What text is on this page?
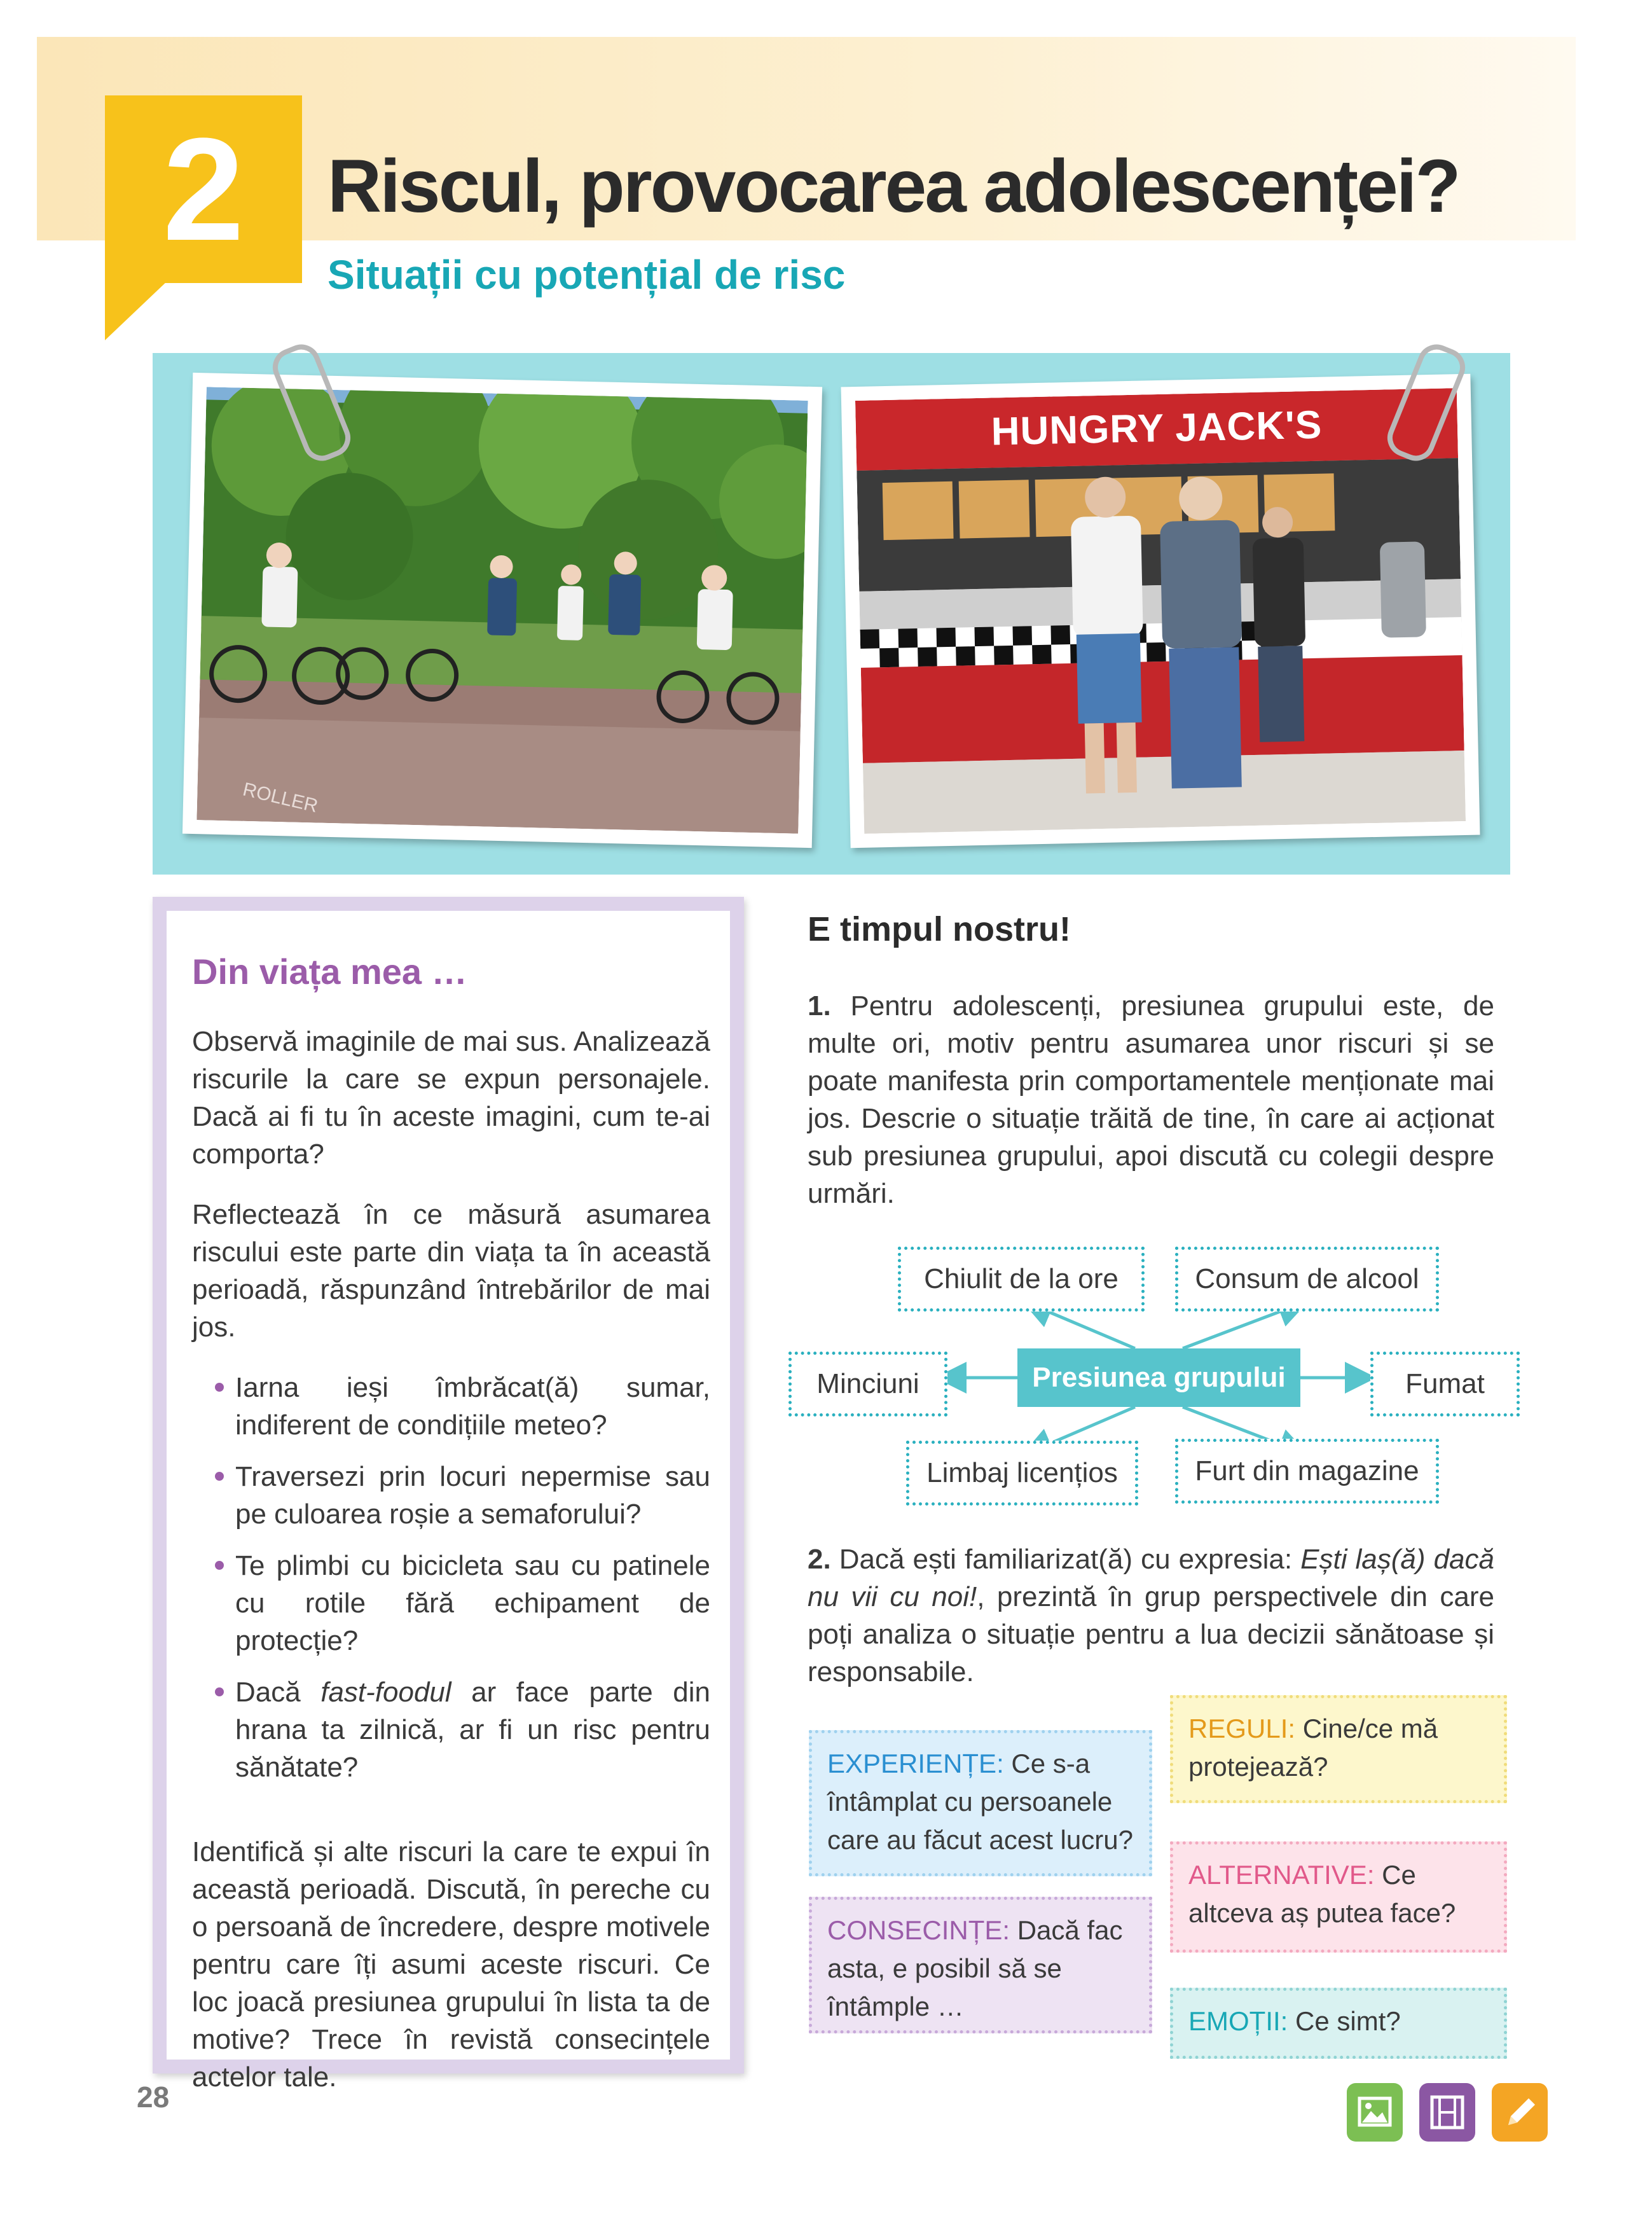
2	Riscul, provocarea adolescenței?
Situații cu potențial de risc
ROLLER
HUNGRY JACK'S
Din viața mea …

Observă imaginile de mai sus. Analizează riscurile la care se expun personajele. Dacă ai fi tu în aceste imagini, cum te-ai comporta?

Reflectează în ce măsură asumarea riscului este parte din viața ta în această perioadă, răspunzând întrebărilor de mai jos.

Iarna ieși îmbrăcat(ă) sumar, indiferent de condițiile meteo?
Traversezi prin locuri nepermise sau pe culoarea roșie a semaforului?
Te plimbi cu bicicleta sau cu patinele cu rotile fără echipament de protecție?
Dacă fast-foodul ar face parte din hrana ta zilnică, ar fi un risc pentru sănătate?

Identifică și alte riscuri la care te expui în această perioadă. Discută, în pereche cu o persoană de încredere, despre motivele pentru care îți asumi aceste riscuri. Ce loc joacă presiunea grupului în lista ta de motive? Trece în revistă consecințele actelor tale.

E timpul nostru!

1. Pentru adolescenți, presiunea grupului este, de multe ori, motiv pentru asumarea unor riscuri și se poate manifesta prin comportamentele menționate mai jos. Descrie o situație trăită de tine, în care ai acționat sub presiunea grupului, apoi discută cu colegii despre urmări.

Chiulit de la ore	Consum de alcool
Minciuni	Presiunea grupului	Fumat
Limbaj licențios	Furt din magazine

2. Dacă ești familiarizat(ă) cu expresia: Ești laș(ă) dacă nu vii cu noi!, prezintă în grup perspectivele din care poți analiza o situație pentru a lua decizii sănătoase și responsabile.

EXPERIENȚE: Ce s-a întâmplat cu persoanele care au făcut acest lucru?
CONSECINȚE: Dacă fac asta, e posibil să se întâmple …
REGULI: Cine/ce mă protejează?
ALTERNATIVE: Ce altceva aș putea face?
EMOȚII: Ce simt?
28
